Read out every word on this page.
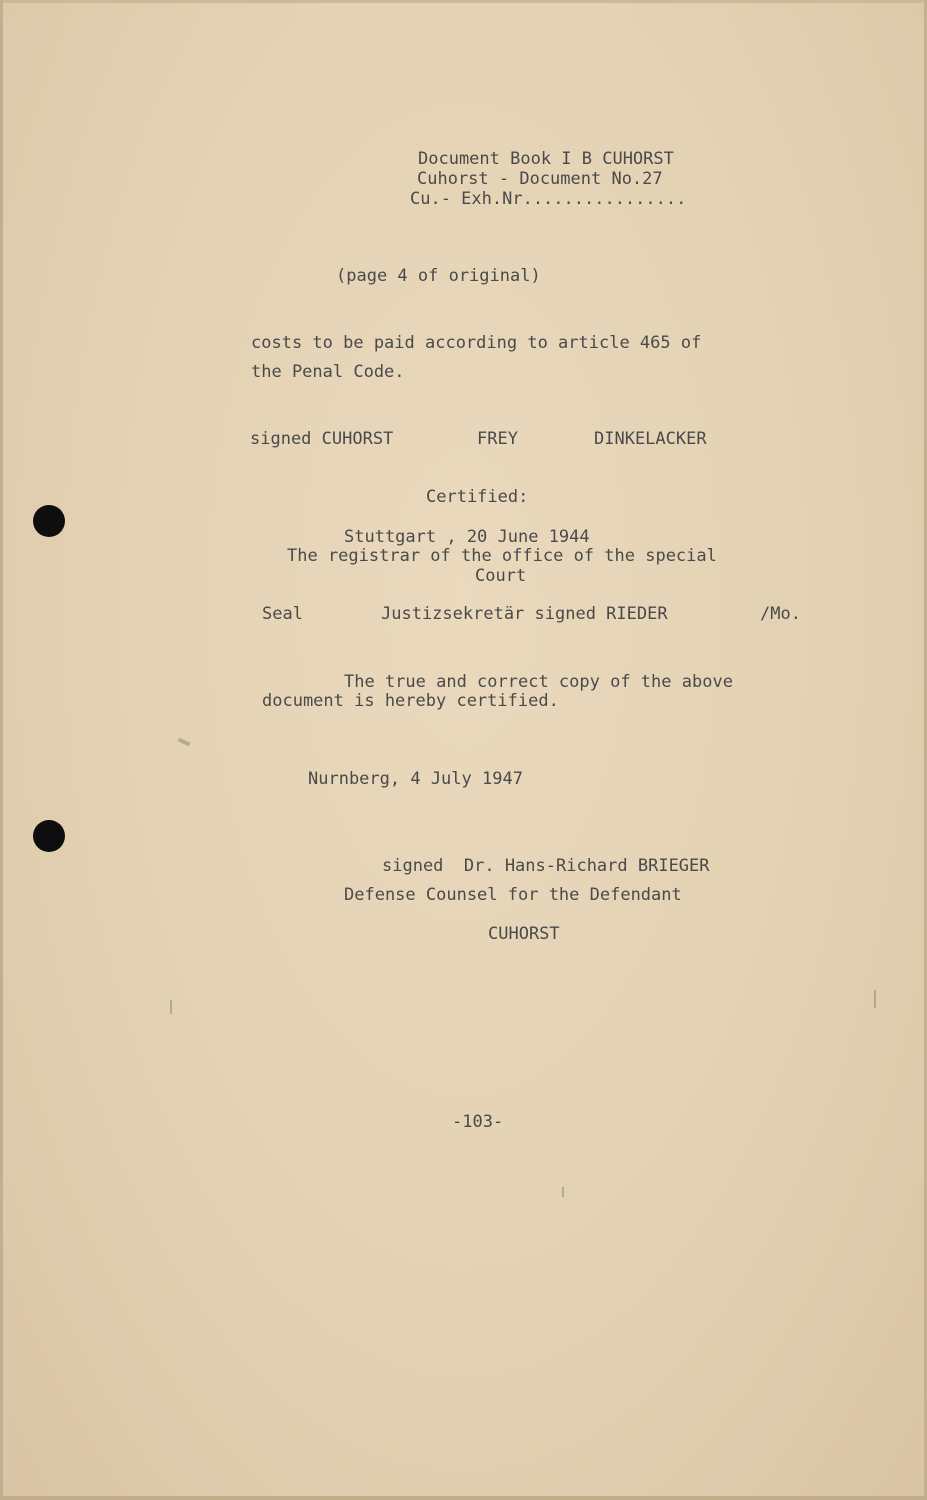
Document Book I B CUHORST
Cuhorst - Document No.27
Cu.- Exh.Nr................
(page 4 of original)
costs to be paid according to article 465 of
the Penal Code.
signed CUHORST	FREY	DINKELACKER
Certified:
Stuttgart , 20 June 1944
The registrar of the office of the special
Court
Seal	Justizsekretär signed RIEDER	/Mo.
The true and correct copy of the above
document is hereby certified.
Nurnberg, 4 July 1947
signed  Dr. Hans-Richard BRIEGER
Defense Counsel for the Defendant
CUHORST
-103-
